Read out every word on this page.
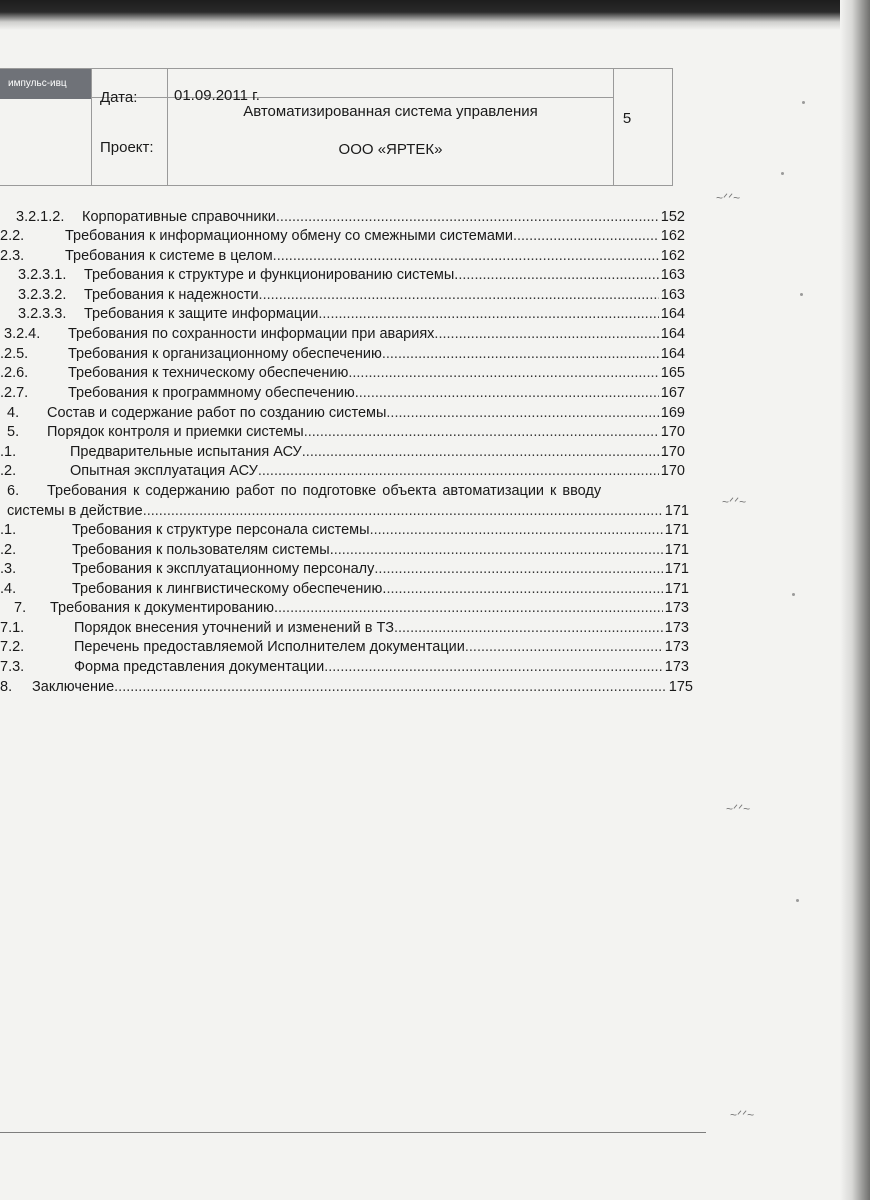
импульс-ивц
Дата: 01.09.2011 г.
Проект:
Автоматизированная система управления
ООО «ЯРТЕК»
5
3.2.1.2.	Корпоративные справочники .....	152
2.2.	Требования к информационному обмену со смежными системами .....	162
2.3.	Требования к системе в целом .....	162
3.2.3.1.	Требования к структуре и функционированию системы. .....	163
3.2.3.2.	Требования к надежности .....	163
3.2.3.3.	Требования к защите информации .....	164
3.2.4.	Требования по сохранности информации при авариях .....	164
.2.5.	Требования к организационному обеспечению .....	164
.2.6.	Требования к техническому обеспечению .....	165
.2.7.	Требования к программному обеспечению. .....	167
4.	Состав и содержание работ по созданию системы .....	169
5.	Порядок контроля и приемки системы .....	170
.1.	Предварительные испытания АСУ .....	170
.2.	Опытная эксплуатация АСУ .....	170
6.	Требования к содержанию работ по подготовке объекта автоматизации к вводу
системы в действие .....	171
.1.	Требования к структуре персонала системы .....	171
.2.	Требования к пользователям системы. .....	171
.3.	Требования к эксплуатационному персоналу .....	171
.4.	Требования к лингвистическому обеспечению. .....	171
7.	Требования к документированию. .....	173
7.1.	Порядок внесения уточнений и изменений в ТЗ .....	173
7.2.	Перечень предоставляемой Исполнителем документации .....	173
7.3.	Форма представления документации .....	173
8.	Заключение .....	175
~ᐟᐟ~
~ᐟᐟ~
~ᐟᐟ~
~ᐟᐟ~
